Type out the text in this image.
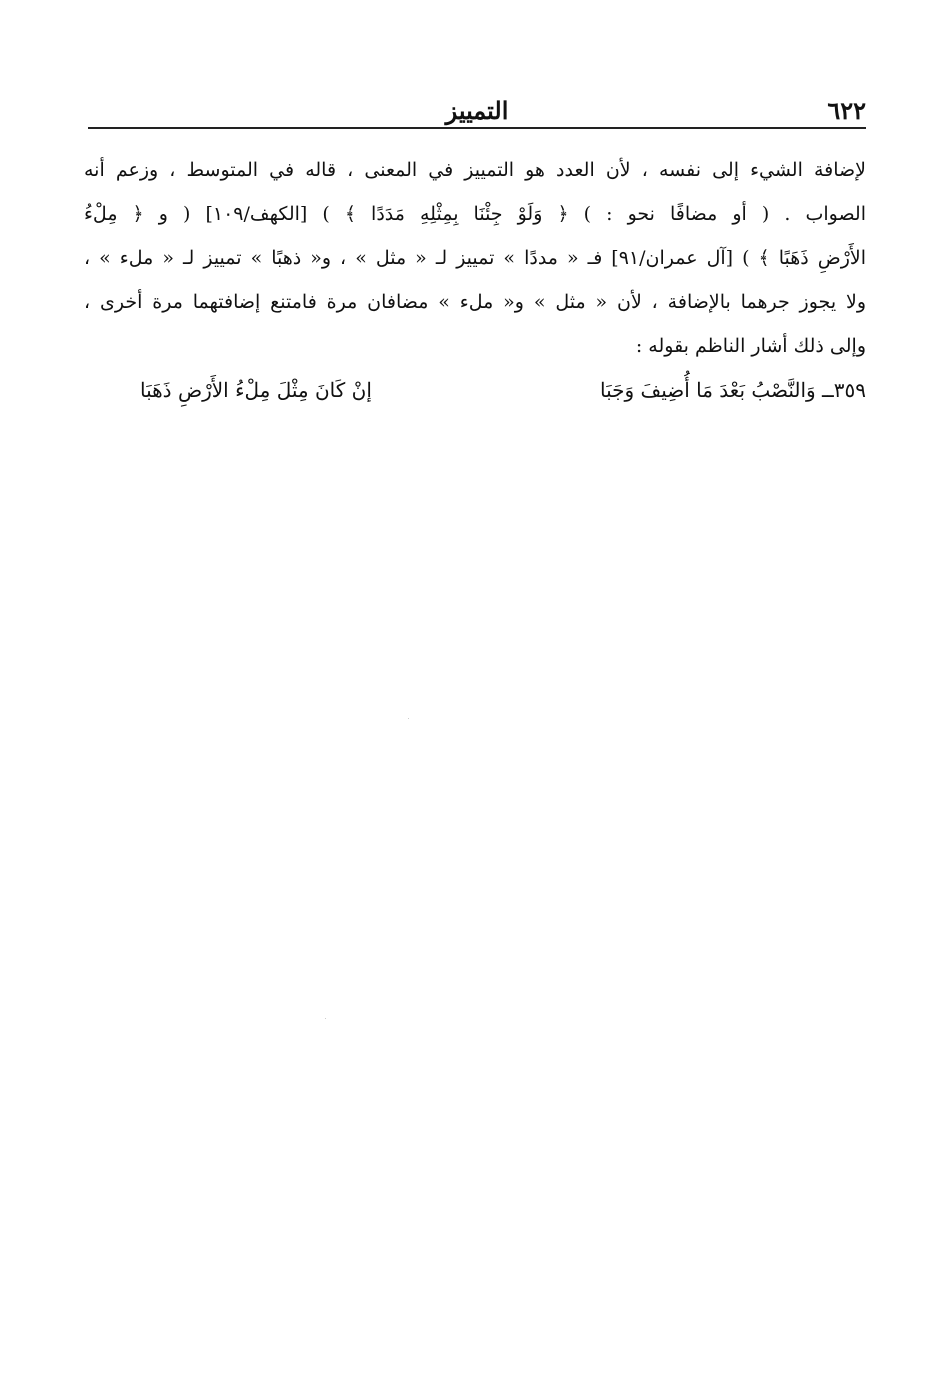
٦٢٢
التمييز
لإضافة الشيء إلى نفسه ، لأن العدد هو التمييز في المعنى ، قاله في المتوسط ، وزعم أنه
الصواب . ( أو مضافًا نحو : ) ﴿ وَلَوْ جِئْنَا بِمِثْلِهِ مَدَدًا ﴾ ) [الكهف/١٠٩] ( و ﴿ مِلْءُ
الأَرْضِ ذَهَبًا ﴾ ) [آل عمران/٩١] فـ « مددًا » تمييز لـ « مثل » ، و« ذهبًا » تمييز لـ « ملء » ،
ولا يجوز جرهما بالإضافة ، لأن « مثل » و« ملء » مضافان مرة فامتنع إضافتهما مرة أخرى ،
وإلى ذلك أشار الناظم بقوله :
٣٥٩ــ وَالنَّصْبُ بَعْدَ مَا أُضِيفَ وَجَبَا
إنْ كَانَ مِثْلَ مِلْءُ الأَرْضِ ذَهَبَا
